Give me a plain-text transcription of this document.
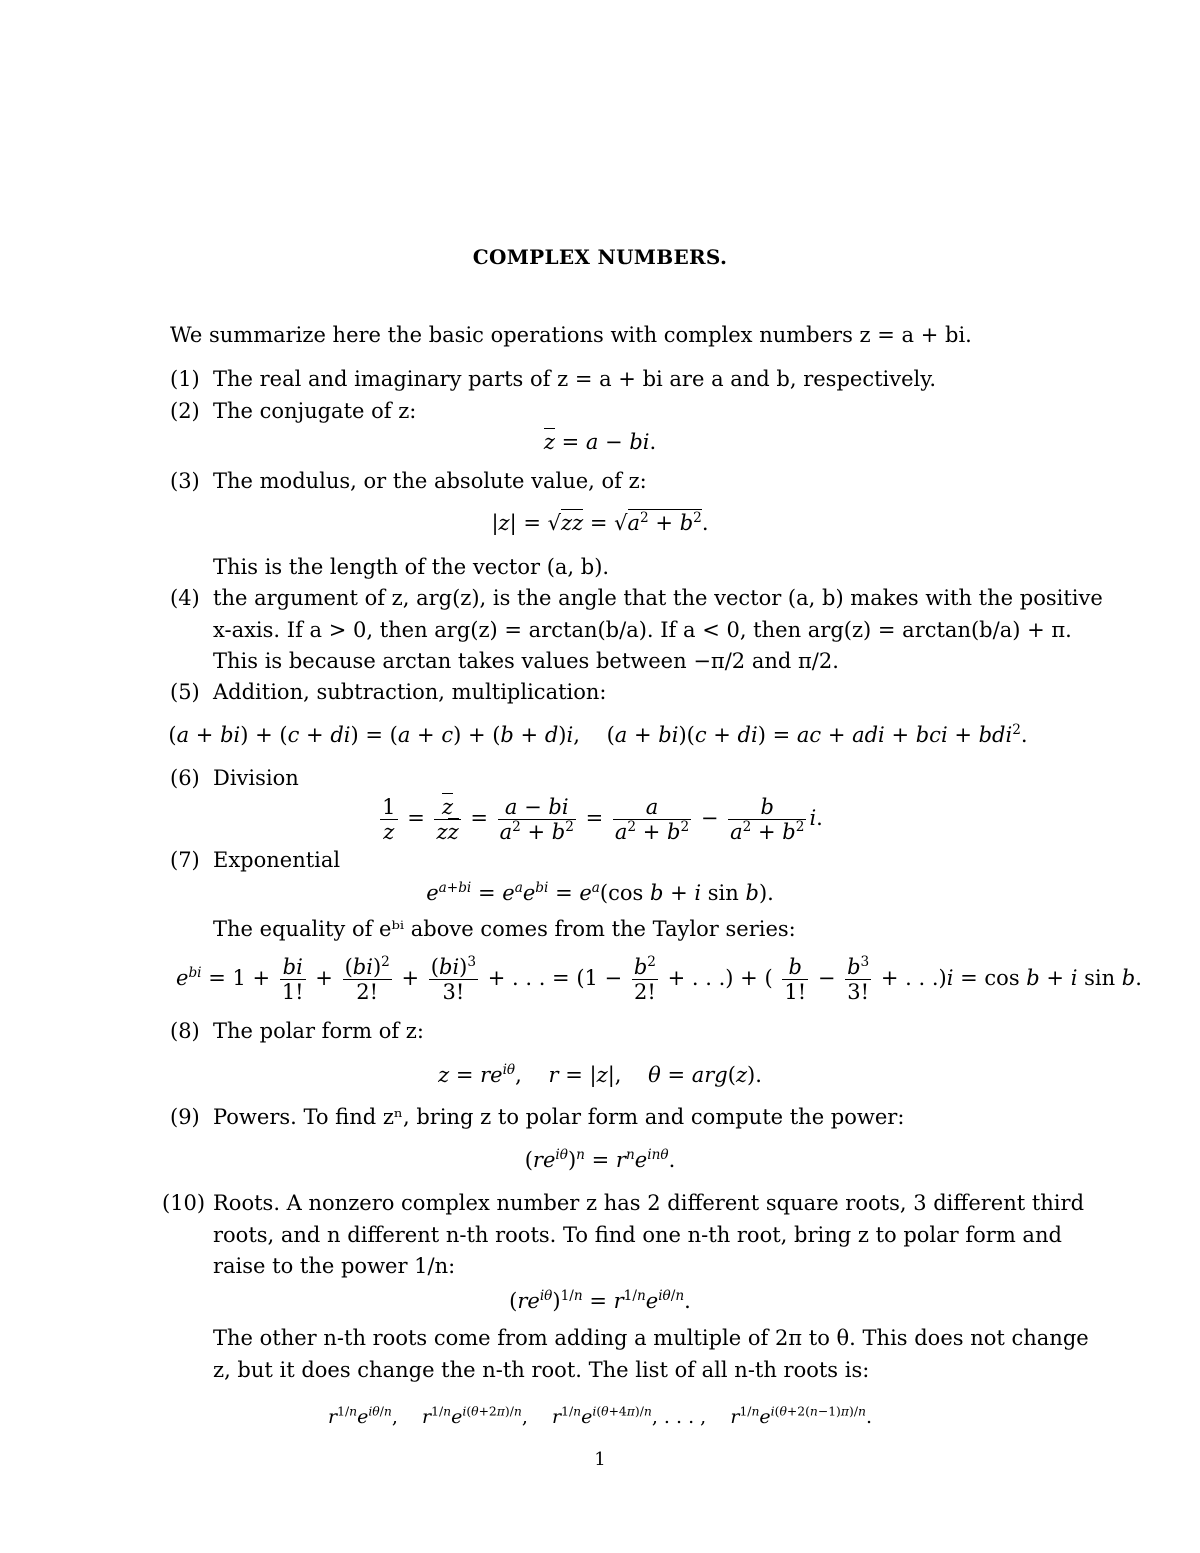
COMPLEX NUMBERS.
We summarize here the basic operations with complex numbers z = a + bi.
(1) The real and imaginary parts of z = a + bi are a and b, respectively.
(2) The conjugate of z:
z = a − bi.
(3) The modulus, or the absolute value, of z:
$|z| = √zz = √a^2 + b^2$.
This is the length of the vector (a, b).
(4) the argument of z, arg(z), is the angle that the vector (a, b) makes with the positive
x-axis. If a > 0, then arg(z) = arctan(b/a). If a < 0, then arg(z) = arctan(b/a) + π.
This is because arctan takes values between −π/2 and π/2.
(5) Addition, subtraction, multiplication:
(a + bi) + (c + di) = (a + c) + (b + d)i,    (a + bi)(c + di) = ac + adi + bci + bdi$^2$.
(6) Division
$\frac{1}{z} = \frac{z}{zz} = \frac{a - bi}{a^2 + b^2} = \frac{a}{a^2 + b^2} - \frac{b}{a^2 + b^2} i$.
(7) Exponential
$e^{a+bi} = e^ae^{bi} = e^a(\cos$ b + i sin b).
The equality of eᵇⁱ above comes from the Taylor series:
$e^{bi} = 1 + \frac{bi}{1!} + \frac{(bi)^2}{2!} + \frac{(bi)^3}{3!}$ + . . . = ($1 - \frac{b^2}{2!}$ + . . .) + ( $\frac{b}{1!} - \frac{b^3}{3!}$ + . . .)i = cos b + i sin b.
(8) The polar form of z:
$z = re^{i\theta}$,    r = |z|,    θ = arg(z).
(9) Powers. To find zⁿ, bring z to polar form and compute the power:
$(re^{i\theta})^n = r^ne^{in\theta}$.
(10) Roots. A nonzero complex number z has 2 different square roots, 3 different third
roots, and n different n-th roots. To find one n-th root, bring z to polar form and
raise to the power 1/n:
$(re^{i\theta})^{1/n} = r^{1/n}e^{i\theta/n}$.
The other n-th roots come from adding a multiple of 2π to θ. This does not change
z, but it does change the n-th root. The list of all n-th roots is:
$r^{1/n}e^{i\theta/n}$,    $r^{1/n}e^{i(\theta+2\pi)/n}$,    $r^{1/n}e^{i(\theta+4\pi)/n}$, . . . ,    $r^{1/n}e^{i(\theta+2(n-1)\pi)/n}$.
1
